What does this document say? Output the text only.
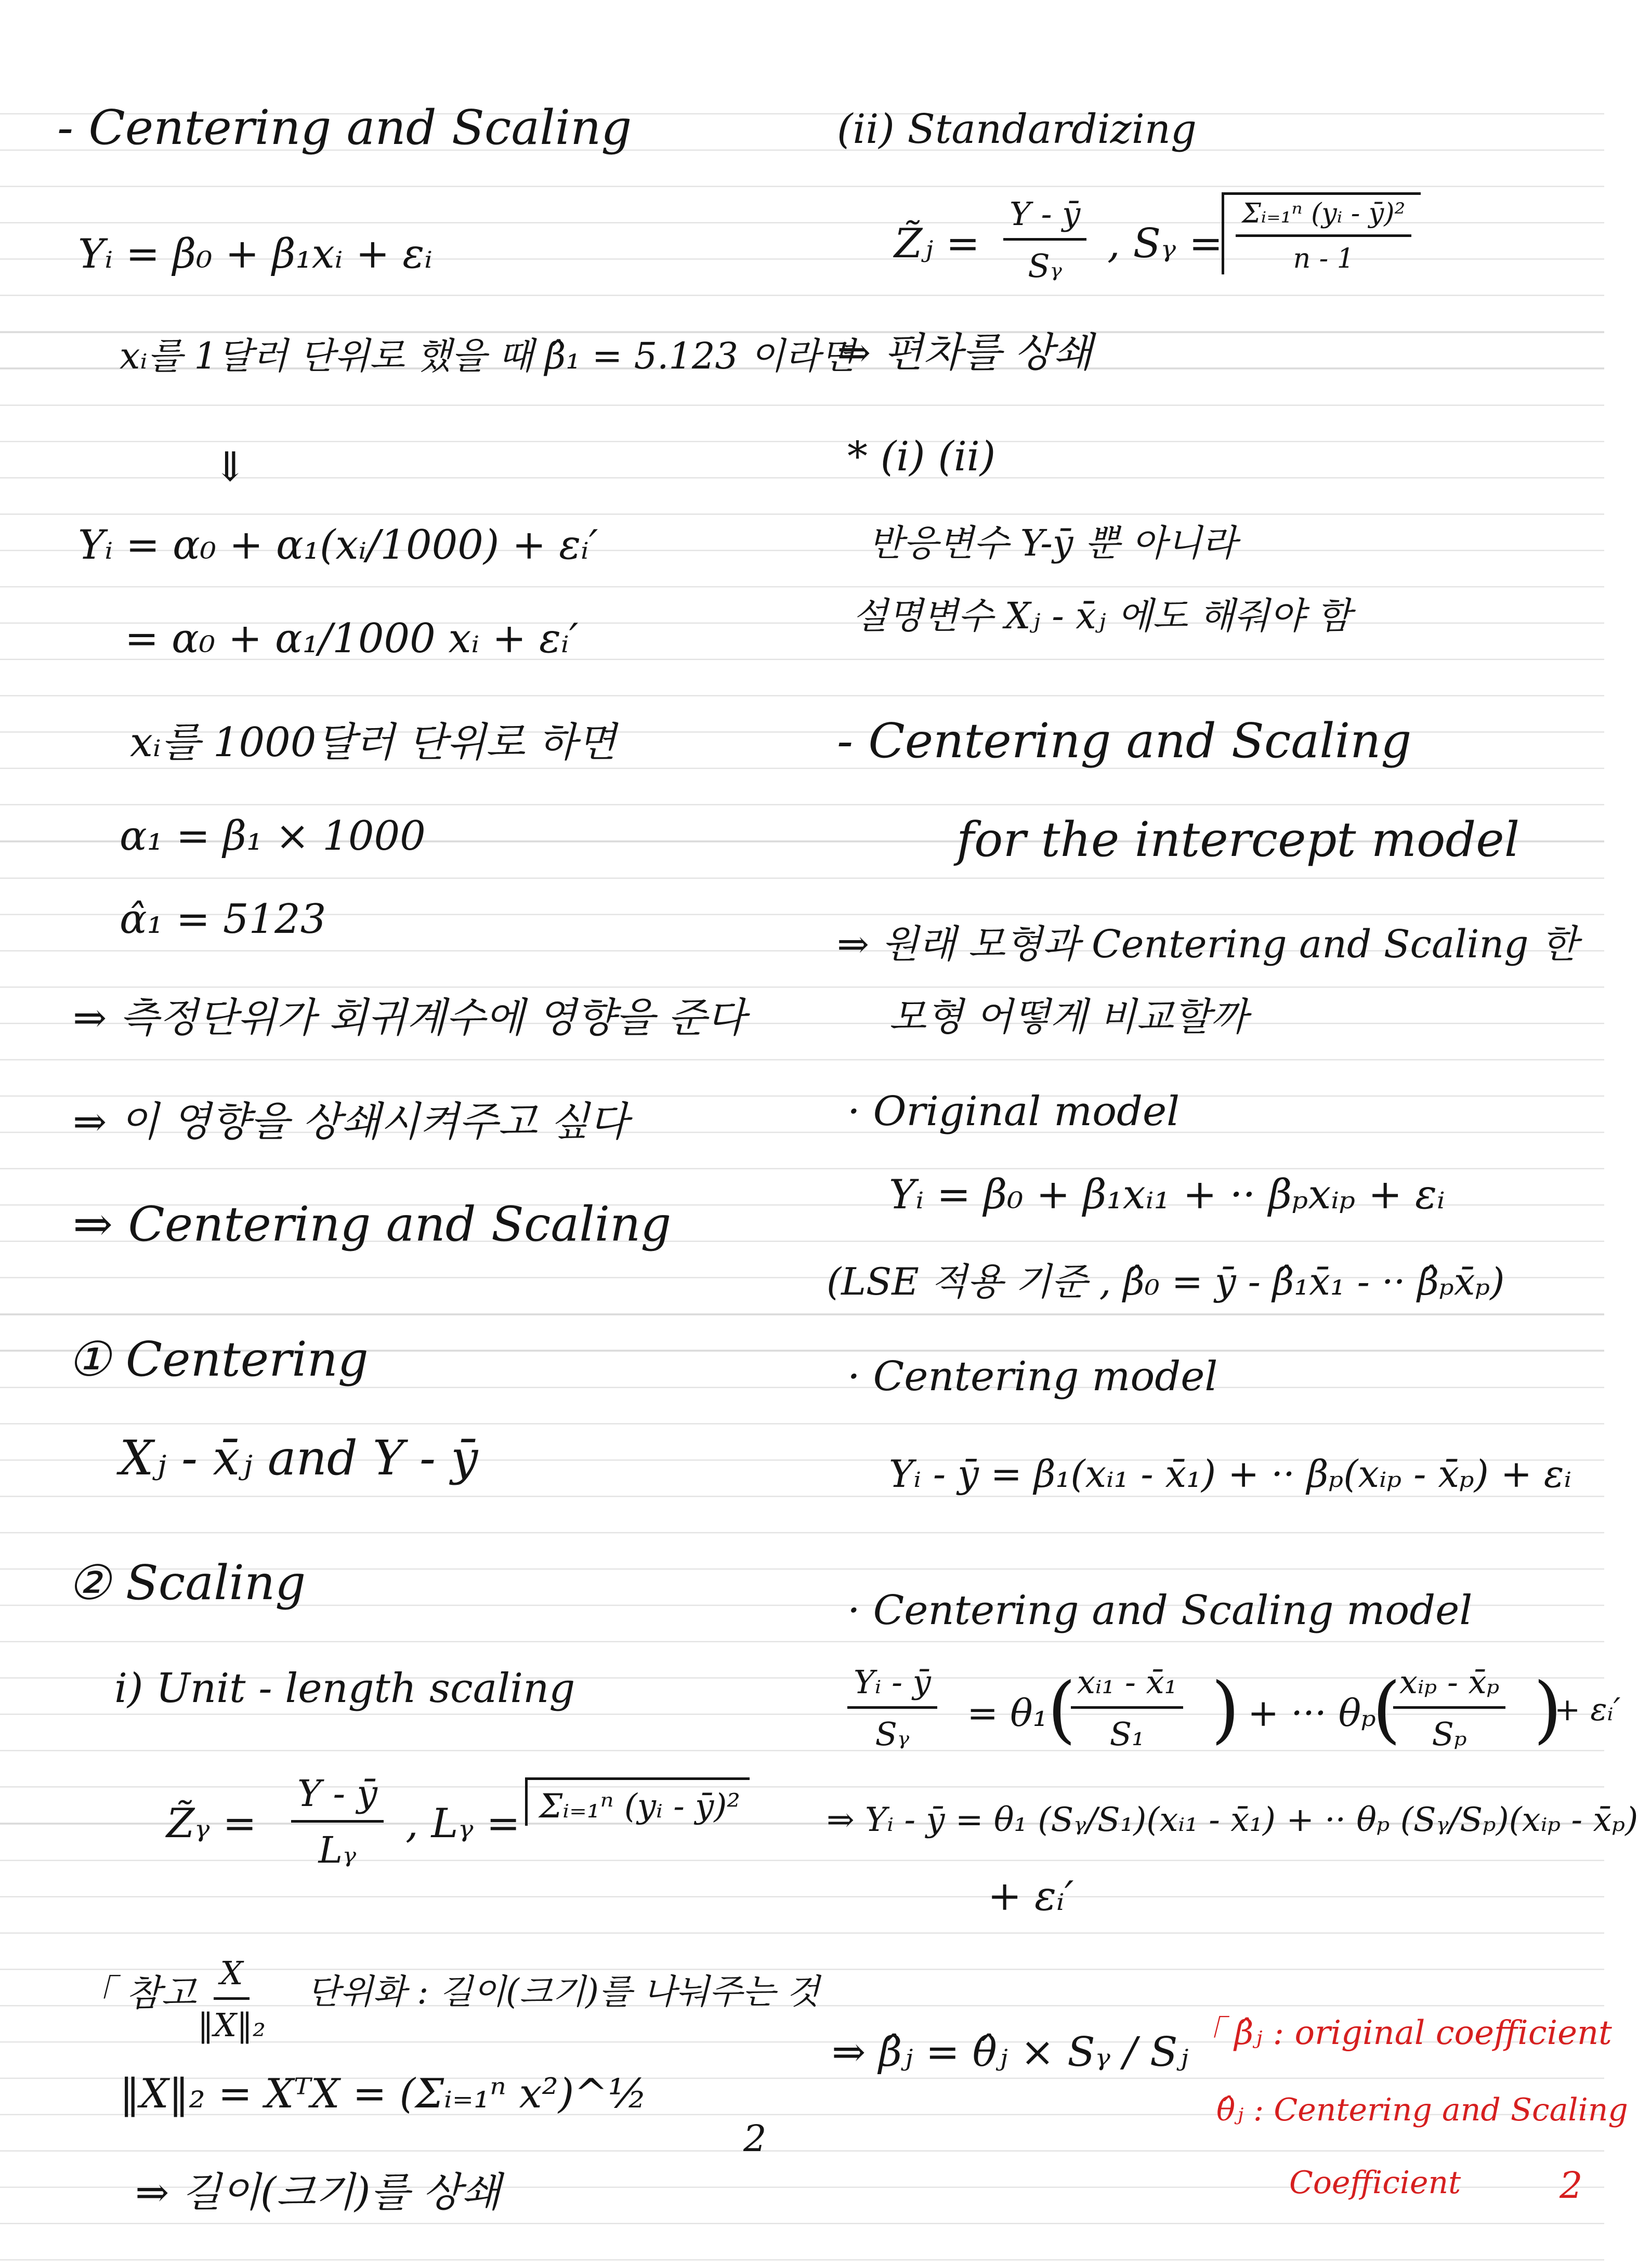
- Centering and Scaling
Yᵢ = β₀ + β₁xᵢ + εᵢ
xᵢ를 1달러 단위로 했을 때 β̂₁ = 5.123 이라면
⇓
Yᵢ = α₀ + α₁(xᵢ/1000) + εᵢ′
= α₀ + α₁/1000 xᵢ + εᵢ′
xᵢ를 1000달러 단위로 하면
α₁ = β₁ × 1000
α̂₁ = 5123
⇒ 측정단위가 회귀계수에 영향을 준다
⇒ 이 영향을 상쇄시켜주고 싶다
⇒ Centering and Scaling
① Centering
Xⱼ - x̄ⱼ and Y - ȳ
② Scaling
i) Unit - length scaling
Z̃ᵧ = $\frac{Y - ȳ}{\text{Lᵧ}}$ , Lᵧ = Σᵢ₌₁ⁿ (yᵢ - ȳ)²
「 참고 $\frac{X}{\text{‖X‖₂}}$ 단위화 : 길이(크기)를 나눠주는 것
‖X‖₂ = XᵀX = (Σᵢ₌₁ⁿ x²)^½
⇒ 길이(크기)를 상쇄
2
(ii) Standardizing
Z̃ⱼ = $\frac{Y - ȳ}{\text{Sᵧ}}$ , Sᵧ =
Σᵢ₌₁ⁿ (yᵢ - ȳ)²
n - 1
⇒ 편차를 상쇄
* (i) (ii)
반응변수 Y-ȳ 뿐 아니라
설명변수 Xⱼ - x̄ⱼ 에도 해줘야 함
- Centering and Scaling
for the intercept model
⇒ 원래 모형과 Centering and Scaling 한
모형 어떻게 비교할까
· Original model
Yᵢ = β₀ + β₁xᵢ₁ + ·· βₚxᵢₚ + εᵢ
(LSE 적용 기준 , β̂₀ = ȳ - β̂₁x̄₁ - ·· β̂ₚx̄ₚ)
· Centering model
Yᵢ - ȳ = β₁(xᵢ₁ - x̄₁) + ·· βₚ(xᵢₚ - x̄ₚ) + εᵢ
· Centering and Scaling model
$\frac{\text{Yᵢ - ȳ}}{\text{Sᵧ}} = \theta_1$ (
$\frac{\text{xᵢ₁ - x̄₁}}{\text{S₁}}$ ) + ··· θₚ
(
xᵢₚ - x̄ₚ
Sₚ )
+ εᵢ′
⇒ Yᵢ - ȳ = θ₁ (Sᵧ/S₁)(xᵢ₁ - x̄₁) + ·· θₚ (Sᵧ/Sₚ)(xᵢₚ - x̄ₚ)
+ εᵢ′
⇒ β̂ⱼ = θ̂ⱼ × Sᵧ / Sⱼ 「 β̂ⱼ : original coefficient
θ̂ⱼ : Centering and Scaling
Coefficient	2
